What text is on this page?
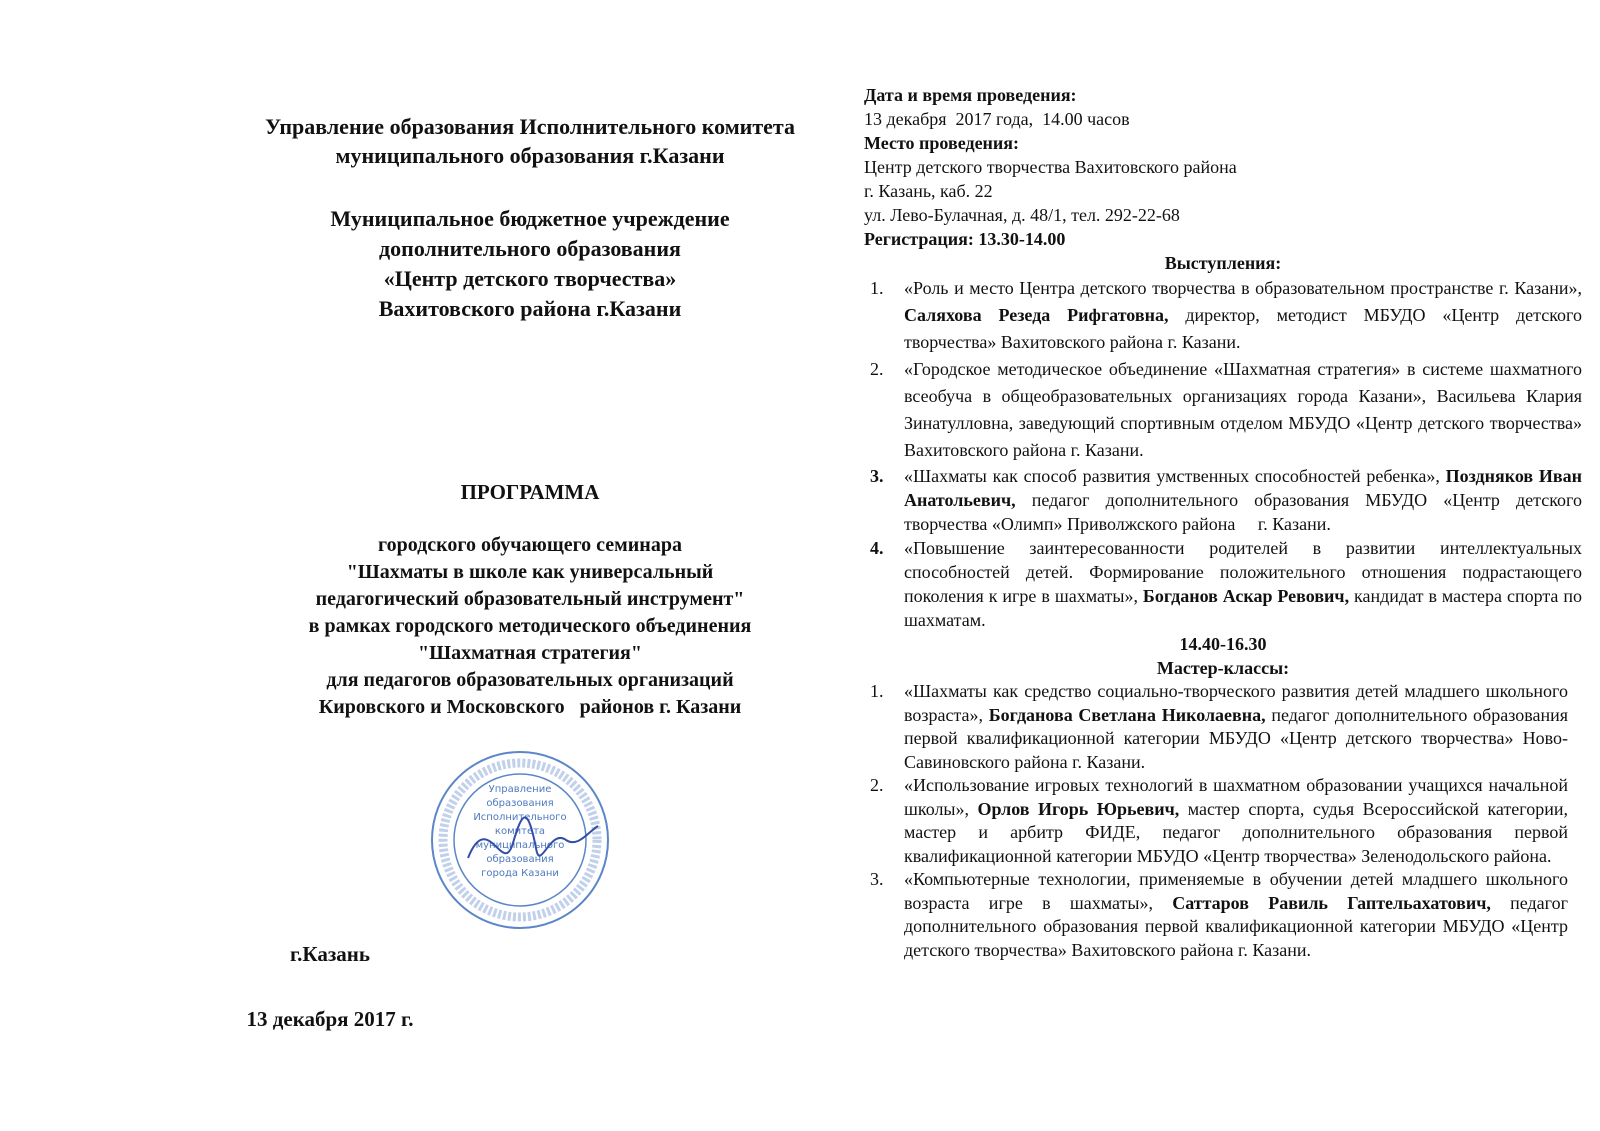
Управление образования Исполнительного комитета
муниципального образования г.Казани
Муниципальное бюджетное учреждение
дополнительного образования
«Центр детского творчества»
Вахитовского района г.Казани
ПРОГРАММА
городского обучающего семинара
"Шахматы в школе как универсальный
педагогический образовательный инструмент"
в рамках городского методического объединения
"Шахматная стратегия"
для педагогов образовательных организаций
Кировского и Московского   районов г. Казани
Управление
образования
Исполнительного
комитета
муниципального
образования
города Казани
г.Казань
13 декабря 2017 г.
Дата и время проведения:
13 декабря  2017 года,  14.00 часов
Место проведения:
Центр детского творчества Вахитовского района
г. Казань, каб. 22
ул. Лево-Булачная, д. 48/1, тел. 292-22-68
Регистрация: 13.30-14.00
Выступления:
1. «Роль и место Центра детского творчества в образовательном пространстве г. Казани», Саляхова Резеда Рифгатовна, директор, методист МБУДО «Центр детского творчества» Вахитовского района г. Казани.
2. «Городское методическое объединение «Шахматная стратегия» в системе шахматного всеобуча в общеобразовательных организациях города Казани», Васильева Клария Зинатулловна, заведующий спортивным отделом МБУДО «Центр детского творчества» Вахитовского района г. Казани.
3. «Шахматы как способ развития умственных способностей ребенка», Поздняков Иван Анатольевич, педагог дополнительного образования МБУДО «Центр детского творчества «Олимп» Приволжского района     г. Казани.
4. «Повышение заинтересованности родителей в развитии интеллектуальных способностей детей. Формирование положительного отношения подрастающего поколения к игре в шахматы», Богданов Аскар Ревович, кандидат в мастера спорта по шахматам.
14.40-16.30
Мастер-классы:
1. «Шахматы как средство социально-творческого развития детей младшего школьного возраста», Богданова Светлана Николаевна, педагог дополнительного образования первой квалификационной категории МБУДО «Центр детского творчества» Ново-Савиновского района г. Казани.
2. «Использование игровых технологий в шахматном образовании учащихся начальной школы», Орлов Игорь Юрьевич, мастер спорта, судья Всероссийской категории, мастер и арбитр ФИДЕ, педагог дополнительного образования первой квалификационной категории МБУДО «Центр творчества» Зеленодольского района.
3. «Компьютерные технологии, применяемые в обучении детей младшего школьного возраста игре в шахматы», Саттаров Равиль Гаптельахатович, педагог дополнительного образования первой квалификационной категории МБУДО «Центр детского творчества» Вахитовского района г. Казани.
